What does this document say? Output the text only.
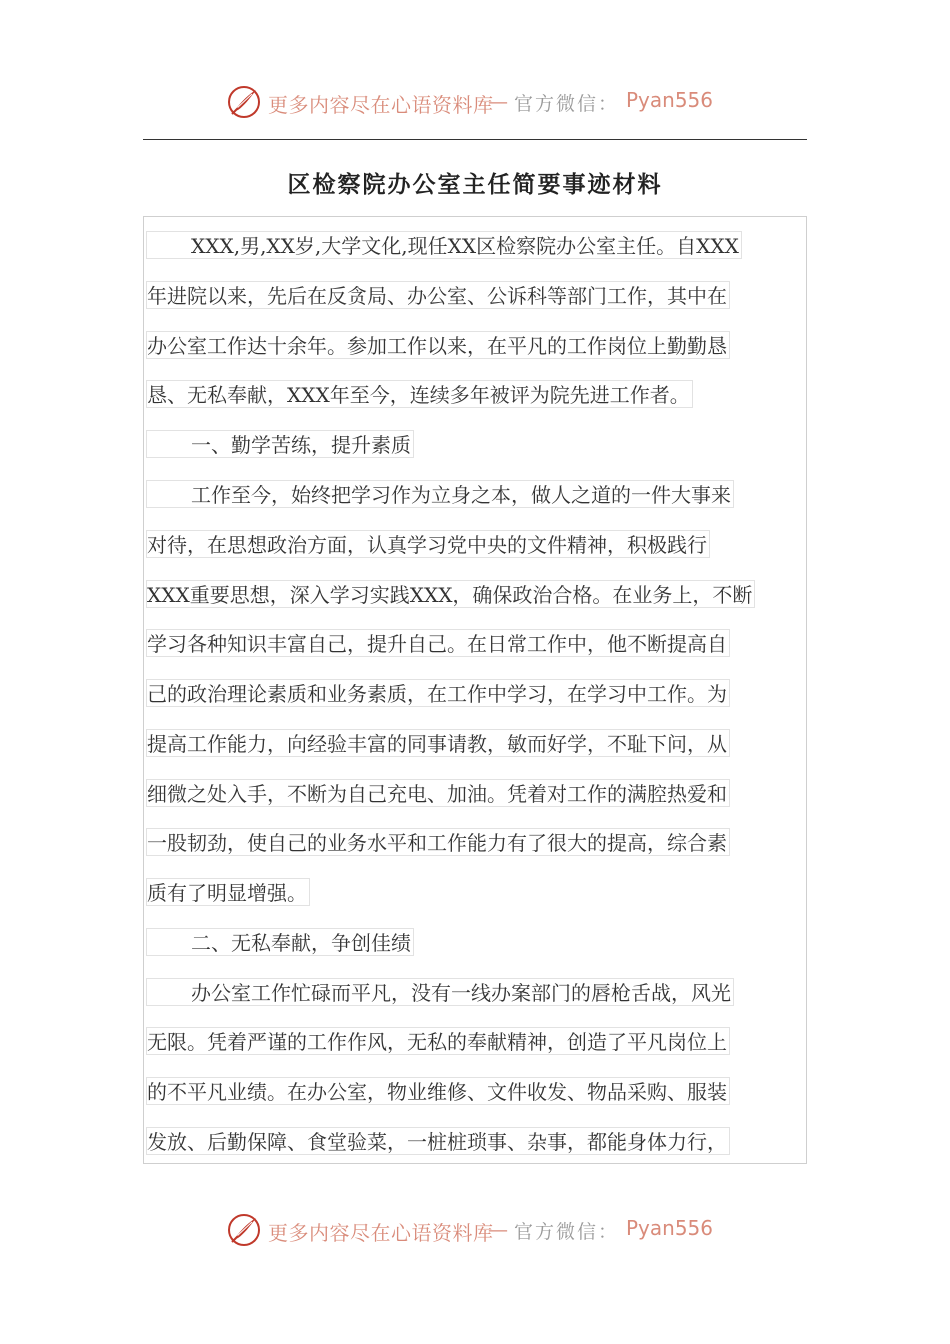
更多内容尽在心语资料库
— 官方微信： Pyan556
区检察院办公室主任简要事迹材料
XXX,男,XX岁,大学文化,现任XX区检察院办公室主任。自XXX
年进院以来，先后在反贪局、办公室、公诉科等部门工作，其中在
办公室工作达十余年。参加工作以来，在平凡的工作岗位上勤勤恳
恳、无私奉献，XXX年至今，连续多年被评为院先进工作者。
一、勤学苦练，提升素质
工作至今，始终把学习作为立身之本，做人之道的一件大事来
对待，在思想政治方面，认真学习党中央的文件精神，积极践行
XXX重要思想，深入学习实践XXX，确保政治合格。在业务上，不断
学习各种知识丰富自己，提升自己。在日常工作中，他不断提高自
己的政治理论素质和业务素质，在工作中学习，在学习中工作。为
提高工作能力，向经验丰富的同事请教，敏而好学，不耻下问，从
细微之处入手，不断为自己充电、加油。凭着对工作的满腔热爱和
一股韧劲，使自己的业务水平和工作能力有了很大的提高，综合素
质有了明显增强。
二、无私奉献，争创佳绩
办公室工作忙碌而平凡，没有一线办案部门的唇枪舌战，风光
无限。凭着严谨的工作作风，无私的奉献精神，创造了平凡岗位上
的不平凡业绩。在办公室，物业维修、文件收发、物品采购、服装
发放、后勤保障、食堂验菜，一桩桩琐事、杂事，都能身体力行，
更多内容尽在心语资料库
— 官方微信： Pyan556
